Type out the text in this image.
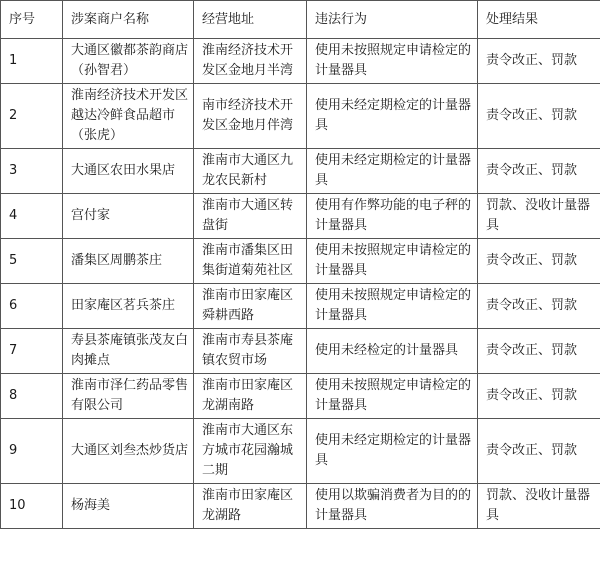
序号	涉案商户名称	经营地址	违法行为	处理结果
1	大通区徽都茶韵商店（孙智君）	淮南经济技术开发区金地月半湾	使用未按照规定申请检定的计量器具	责令改正、罚款
2	淮南经济技术开发区越达冷鲜食品超市（张虎）	南市经济技术开发区金地月伴湾	使用未经定期检定的计量器具	责令改正、罚款
3	大通区农田水果店	淮南市大通区九龙农民新村	使用未经定期检定的计量器具	责令改正、罚款
4	宫付家	淮南市大通区转盘街	使用有作弊功能的电子秤的计量器具	罚款、没收计量器具
5	潘集区周鹏茶庄	淮南市潘集区田集街道菊苑社区	使用未按照规定申请检定的计量器具	责令改正、罚款
6	田家庵区茗兵茶庄	淮南市田家庵区舜耕西路	使用未按照规定申请检定的计量器具	责令改正、罚款
7	寿县茶庵镇张茂友白肉摊点	淮南市寿县茶庵镇农贸市场	使用未经检定的计量器具	责令改正、罚款
8	淮南市泽仁药品零售有限公司	淮南市田家庵区龙湖南路	使用未按照规定申请检定的计量器具	责令改正、罚款
9	大通区刘叁杰炒货店	淮南市大通区东方城市花园瀚城二期	使用未经定期检定的计量器具	责令改正、罚款
10	杨海美	淮南市田家庵区龙湖路	使用以欺骗消费者为目的的计量器具	罚款、没收计量器具
